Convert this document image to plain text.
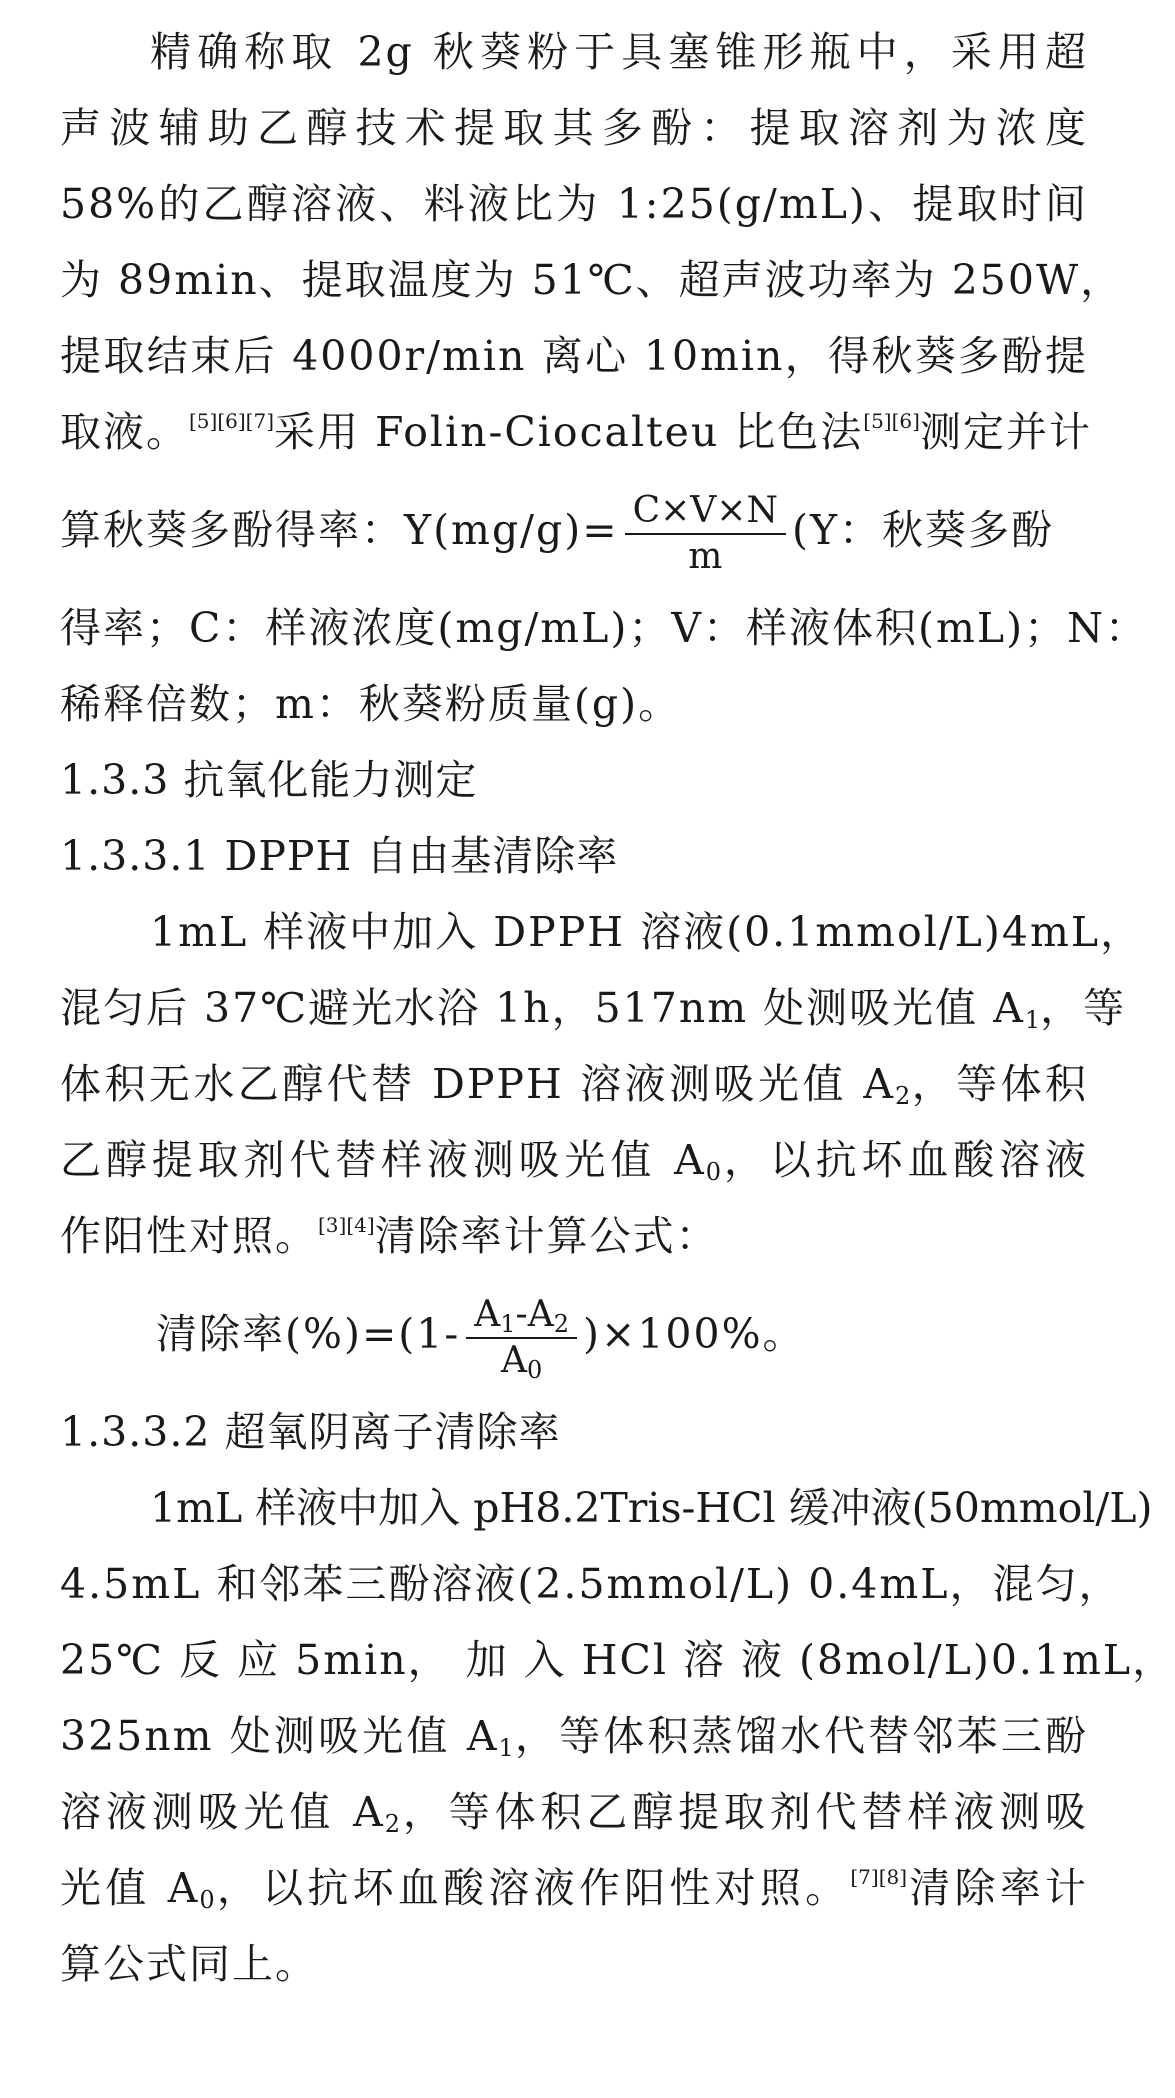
精确称取 2g 秋葵粉于具塞锥形瓶中，采用超
声波辅助乙醇技术提取其多酚：提取溶剂为浓度
58%的乙醇溶液、料液比为 1:25(g/mL)、提取时间
为 89min、提取温度为 51℃、超声波功率为 250W，
提取结束后 4000r/min 离心 10min，得秋葵多酚提
取液。[5][6][7]采用 Folin-Ciocalteu 比色法[5][6]测定并计
算秋葵多酚得率：$Y(mg/g)= \frac{C\times V\times N}{m} (Y$：秋葵多酚
得率；C：样液浓度(mg/mL)；V：样液体积(mL)；N：
稀释倍数；m：秋葵粉质量(g)。
1.3.3 抗氧化能力测定
1.3.3.1 DPPH 自由基清除率
1mL 样液中加入 DPPH 溶液(0.1mmol/L)4mL，
混匀后 37℃避光水浴 1h，517nm 处测吸光值 $A_1$，等
体积无水乙醇代替 DPPH 溶液测吸光值 $A_2$，等体积
乙醇提取剂代替样液测吸光值 $A_0$，以抗坏血酸溶液
作阳性对照。[3][4]清除率计算公式：
清除率$(\%)=(1- \frac{A_1-A_2}{A_0} )\times 100\%$。
1.3.3.2 超氧阴离子清除率
1mL 样液中加入 pH8.2Tris-HCl 缓冲液(50mmol/L)
4.5mL 和邻苯三酚溶液(2.5mmol/L) 0.4mL，混匀，
25℃ 反 应 5min， 加 入 HCl 溶 液 (8mol/L)0.1mL，
325nm 处测吸光值 $A_1$，等体积蒸馏水代替邻苯三酚
溶液测吸光值 $A_2$，等体积乙醇提取剂代替样液测吸
光值 $A_0$，以抗坏血酸溶液作阳性对照。[7][8]清除率计
算公式同上。
